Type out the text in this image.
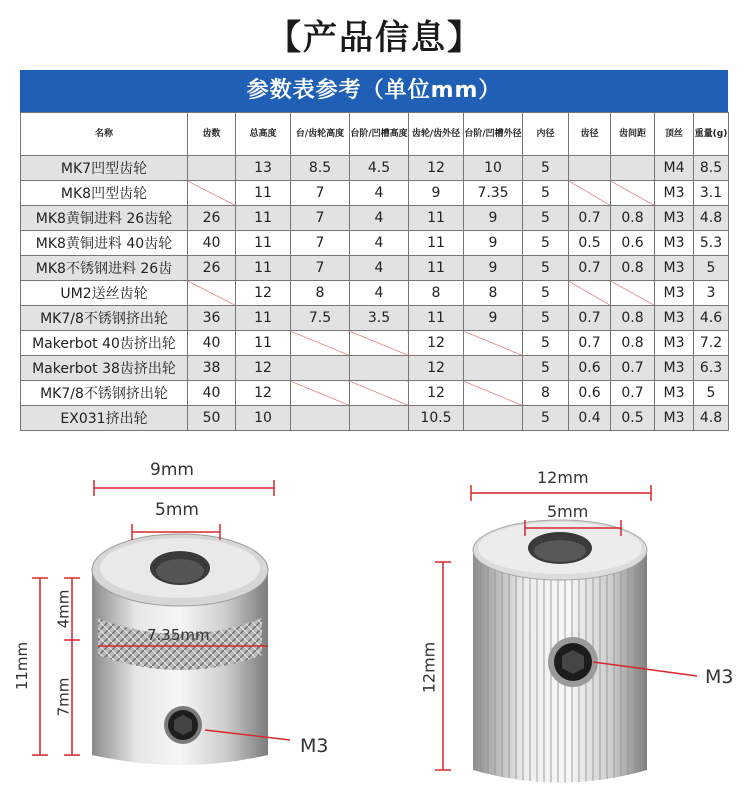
【产品信息】
参数表参考（单位mm）
名称	齿数	总高度	台/齿轮高度	台阶/凹槽高度	齿轮/齿外径	台阶/凹槽外径	内径	齿径	齿间距	顶丝	重量(g)
MK7凹型齿轮		13	8.5	4.5	12	10	5			M4	8.5
MK8凹型齿轮		11	7	4	9	7.35	5			M3	3.1
MK8黄铜进料 26齿轮	26	11	7	4	11	9	5	0.7	0.8	M3	4.8
MK8黄铜进料 40齿轮	40	11	7	4	11	9	5	0.5	0.6	M3	5.3
MK8不锈钢进料 26齿	26	11	7	4	11	9	5	0.7	0.8	M3	5
UM2送丝齿轮		12	8	4	8	8	5			M3	3
MK7/8不锈钢挤出轮	36	11	7.5	3.5	11	9	5	0.7	0.8	M3	4.6
Makerbot 40齿挤出轮	40	11			12		5	0.7	0.8	M3	7.2
Makerbot 38齿挤出轮	38	12			12		5	0.6	0.7	M3	6.3
MK7/8不锈钢挤出轮	40	12			12		8	0.6	0.7	M3	5
EX031挤出轮	50	10			10.5		5	0.4	0.5	M3	4.8
9mm
5mm
7.35mm
11mm
4mm
7mm
M3
12mm
5mm
12mm	M3
